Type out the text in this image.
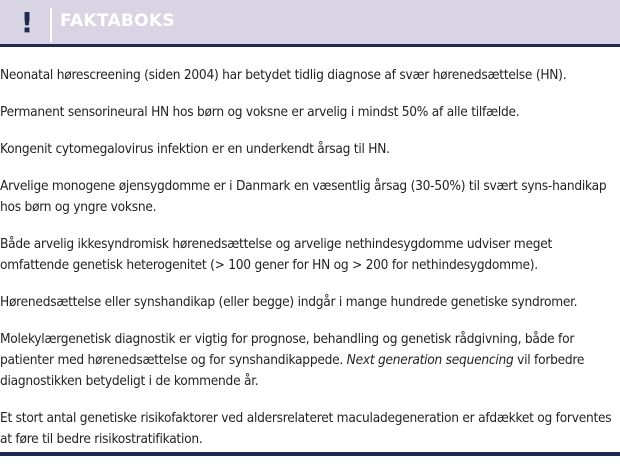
!	FAKTABOKS

Neonatal hørescreening (siden 2004) har betydet tidlig diagnose af svær hørenedsættelse (HN).

Permanent sensorineural HN hos børn og voksne er arvelig i mindst 50% af alle tilfælde.

Kongenit cytomegalovirus infektion er en underkendt årsag til HN.

Arvelige monogene øjensygdomme er i Danmark en væsentlig årsag (30-50%) til svært syns-handikap hos børn og yngre voksne.

Både arvelig ikkesyndromisk hørenedsættelse og arvelige nethindesygdomme udviser meget omfattende genetisk heterogenitet (> 100 gener for HN og > 200 for nethindesygdomme).

Hørenedsættelse eller synshandikap (eller begge) indgår i mange hundrede genetiske syndromer.

Molekylærgenetisk diagnostik er vigtig for prognose, behandling og genetisk rådgivning, både for patienter med hørenedsættelse og for synshandikappede. Next generation sequencing vil forbedre diagnostikken betydeligt i de kommende år.

Et stort antal genetiske risikofaktorer ved aldersrelateret maculadegeneration er afdækket og forventes at føre til bedre risikostratifikation.
